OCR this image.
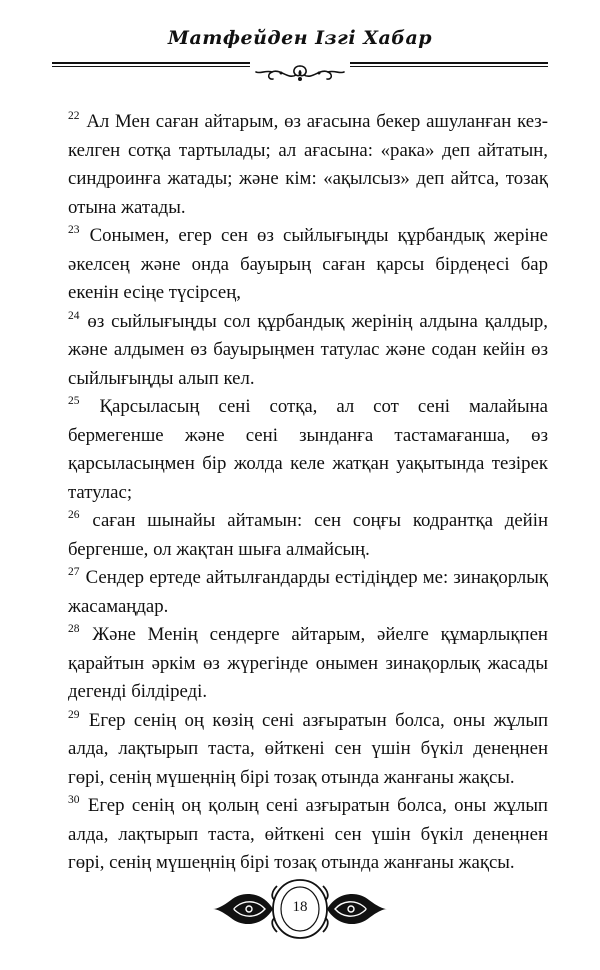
Матфейден Ізгі Хабар

$^{22}$ Ал Мен саған айтарым, өз ағасына бекер ашуланған кез-келген сотқа тартылады; ал ағасына: «рака» деп айтатын, синдроинға жатады; және кім: «ақылсыз» деп айтса, тозақ отына жатады.

$^{23}$ Сонымен, егер сен өз сыйлығыңды құрбандық жеріне әкелсең және онда бауырың саған қарсы бірдеңесі бар екенін есіңе түсірсең,

$^{24}$ өз сыйлығыңды сол құрбандық жерінің алдына қалдыр, және алдымен өз бауырыңмен татулас және содан кейін өз сыйлығыңды алып кел.

$^{25}$ Қарсыласың сені сотқа, ал сот сені малайына бермегенше және сені зынданға тастамағанша, өз қарсыласыңмен бір жолда келе жатқан уақытында тезірек татулас;

$^{26}$ саған шынайы айтамын: сен соңғы кодрантқа дейін бергенше, ол жақтан шыға алмайсың.

$^{27}$ Сендер ертеде айтылғандарды естідіңдер ме: зинақорлық жасамаңдар.

$^{28}$ Және Менің сендерге айтарым, әйелге құмарлықпен қарайтын әркім өз жүрегінде онымен зинақорлық жасады дегенді білдіреді.

$^{29}$ Егер сенің оң көзің сені азғыратын болса, оны жұлып алда, лақтырып таста, өйткені сен үшін бүкіл денеңнен гөрі, сенің мүшеңнің бірі тозақ отында жанғаны жақсы.

$^{30}$ Егер сенің оң қолың сені азғыратын болса, оны жұлып алда, лақтырып таста, өйткені сен үшін бүкіл денеңнен гөрі, сенің мүшеңнің бірі тозақ отында жанғаны жақсы.

18
